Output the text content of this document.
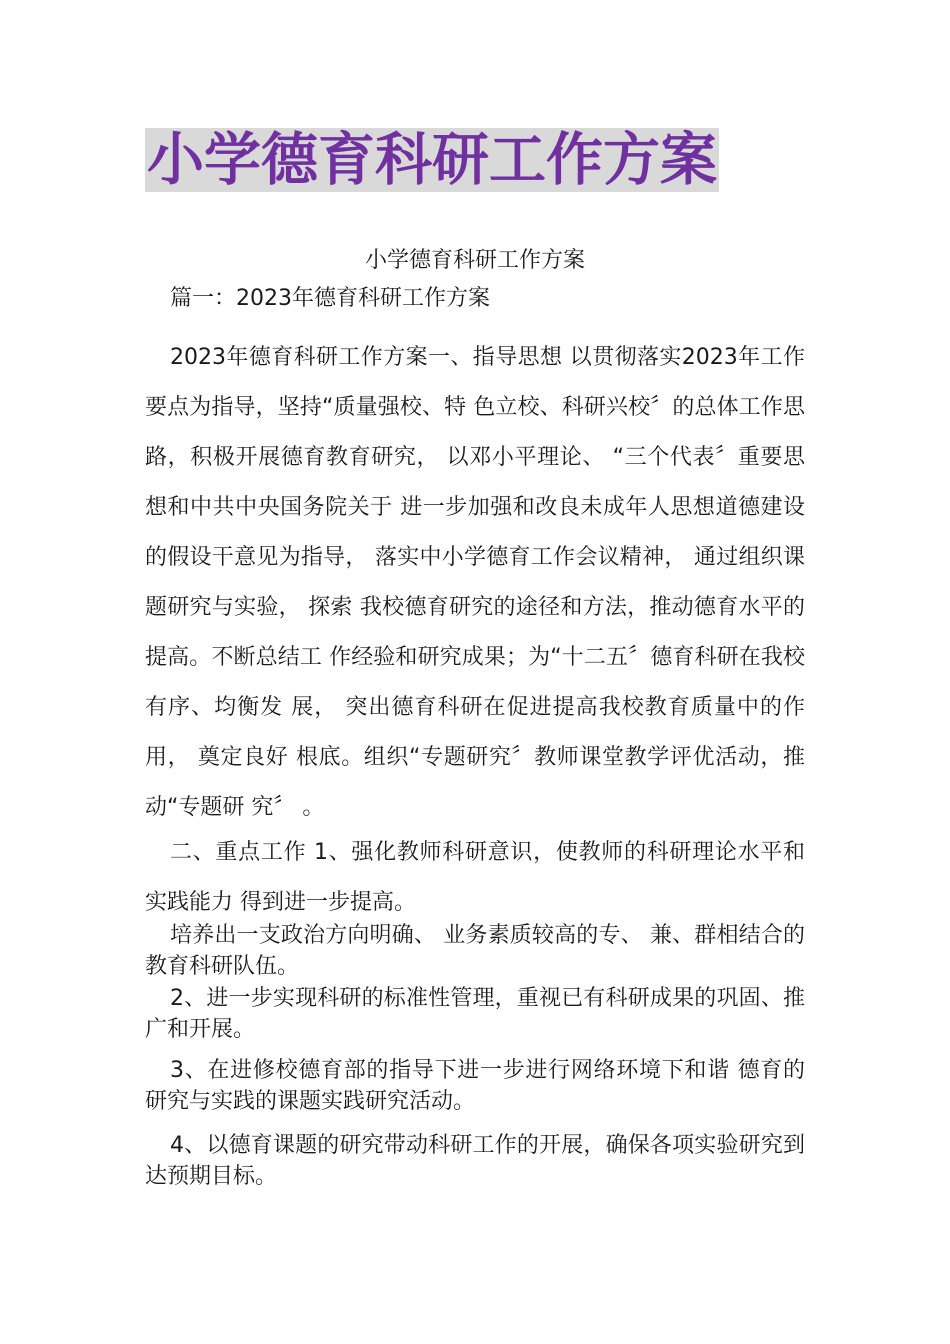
小学德育科研工作方案
小学德育科研工作方案
篇一：2023年德育科研工作方案

2023年德育科研工作方案一、指导思想 以贯彻落实2023年工作要点为指导，坚持“质量强校、特 色立校、科研兴校〞的总体工作思路，积极开展德育教育研究， 以邓小平理论、 “三个代表〞重要思想和中共中央国务院关于 进一步加强和改良未成年人思想道德建设的假设干意见为指导， 落实中小学德育工作会议精神， 通过组织课题研究与实验， 探索 我校德育研究的途径和方法，推动德育水平的提高。不断总结工 作经验和研究成果；为“十二五〞德育科研在我校有序、均衡发 展， 突出德育科研在促进提高我校教育质量中的作用， 奠定良好 根底。组织“专题研究〞教师课堂教学评优活动，推动“专题研 究〞 。

二、重点工作 1、强化教师科研意识，使教师的科研理论水平和实践能力 得到进一步提高。

培养出一支政治方向明确、 业务素质较高的专、 兼、群相结合的教育科研队伍。

2、进一步实现科研的标准性管理，重视已有科研成果的巩固、推广和开展。

3、在进修校德育部的指导下进一步进行网络环境下和谐 德育的研究与实践的课题实践研究活动。

4、以德育课题的研究带动科研工作的开展，确保各项实验研究到达预期目标。
